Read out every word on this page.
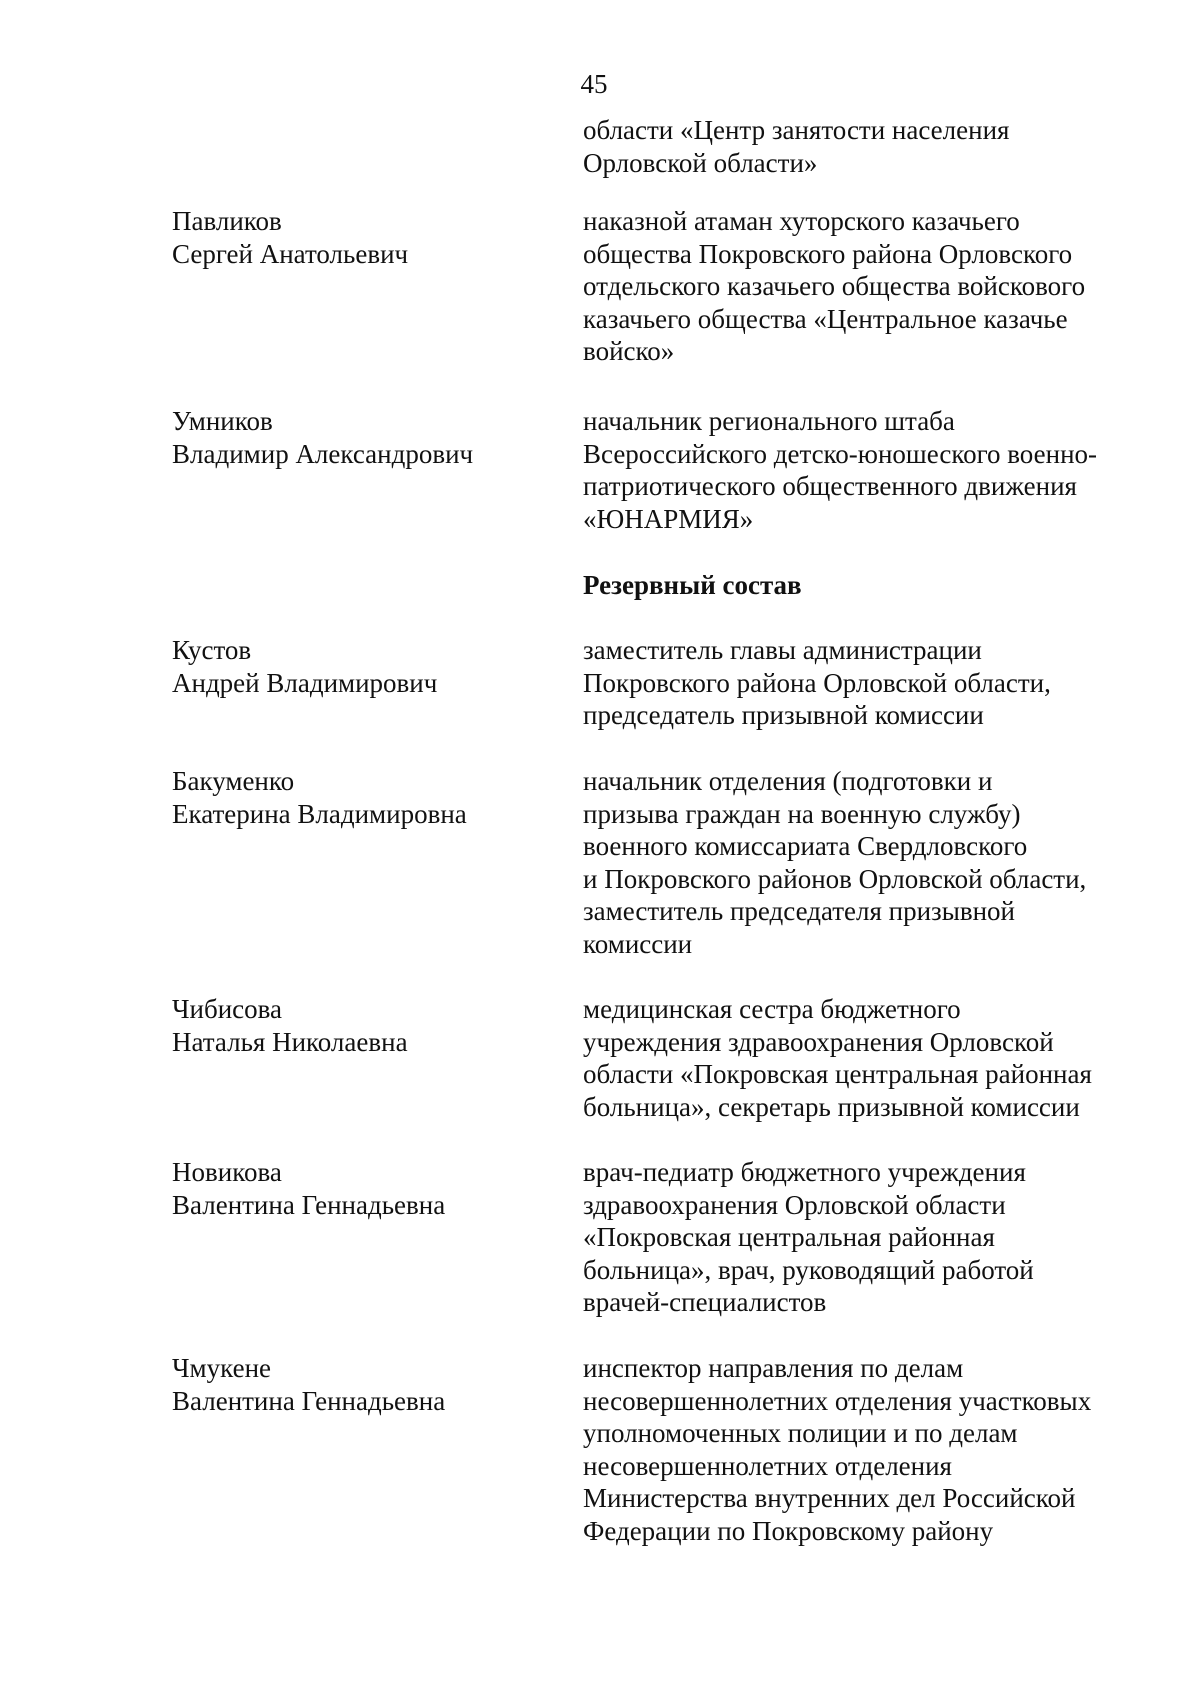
45
области «Центр занятости населения
Орловской области»
Павликов
Сергей Анатольевич
наказной атаман хуторского казачьего
общества Покровского района Орловского
отдельского казачьего общества войскового
казачьего общества «Центральное казачье
войско»
Умников
Владимир Александрович
начальник регионального штаба
Всероссийского детско-юношеского военно-
патриотического общественного движения
«ЮНАРМИЯ»
Резервный состав
Кустов
Андрей Владимирович
заместитель главы администрации
Покровского района Орловской области,
председатель призывной комиссии
Бакуменко
Екатерина Владимировна
начальник отделения (подготовки и
призыва граждан на военную службу)
военного комиссариата Свердловского
и Покровского районов Орловской области,
заместитель председателя призывной
комиссии
Чибисова
Наталья Николаевна
медицинская сестра бюджетного
учреждения здравоохранения Орловской
области «Покровская центральная районная
больница», секретарь призывной комиссии
Новикова
Валентина Геннадьевна
врач-педиатр бюджетного учреждения
здравоохранения Орловской области
«Покровская центральная районная
больница», врач, руководящий работой
врачей-специалистов
Чмукене
Валентина Геннадьевна
инспектор направления по делам
несовершеннолетних отделения участковых
уполномоченных полиции и по делам
несовершеннолетних отделения
Министерства внутренних дел Российской
Федерации по Покровскому району
